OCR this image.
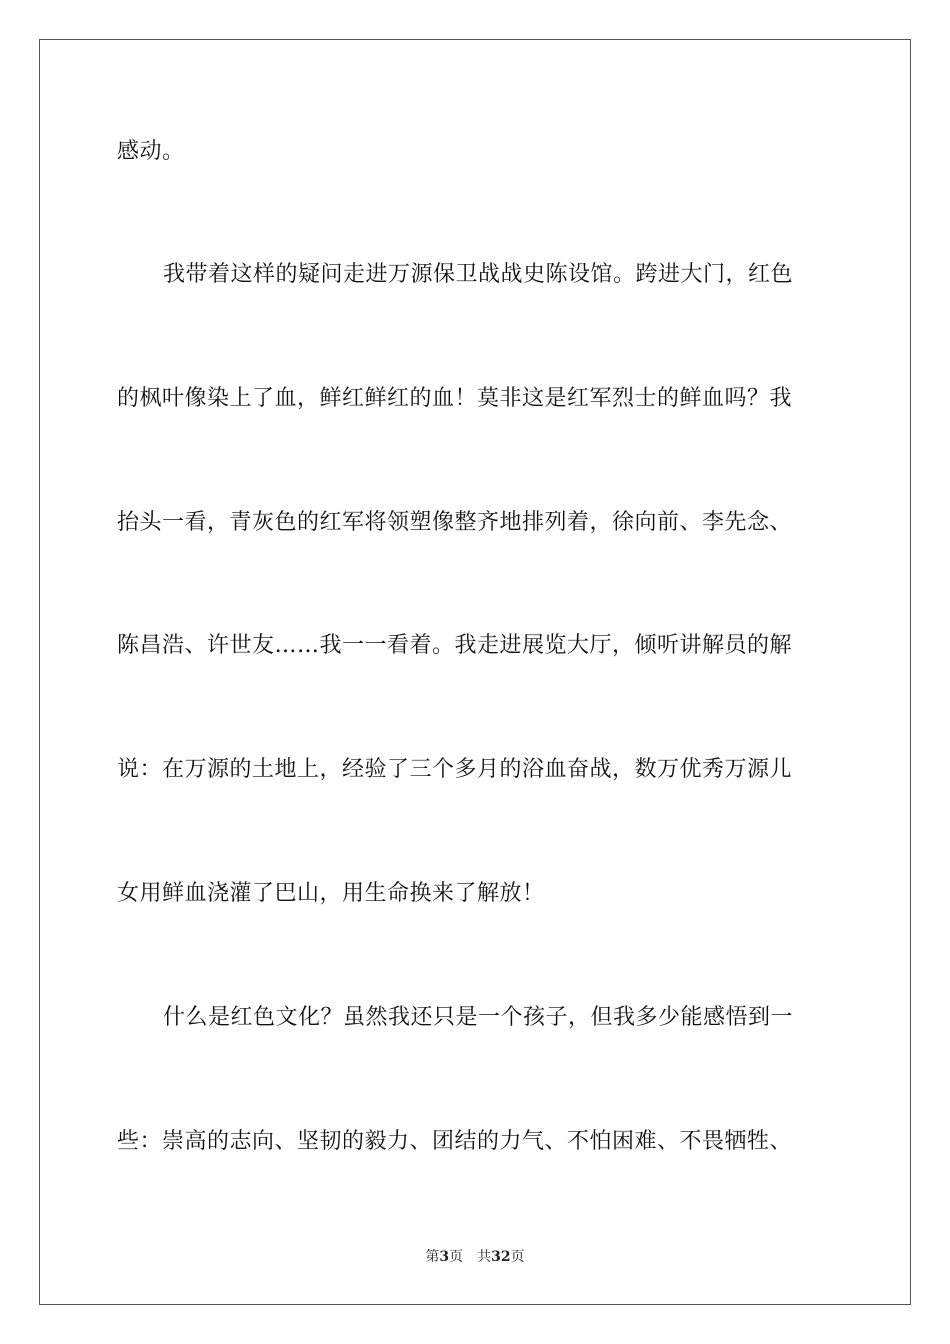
感动。
我带着这样的疑问走进万源保卫战战史陈设馆。跨进大门，红色
的枫叶像染上了血，鲜红鲜红的血！莫非这是红军烈士的鲜血吗？我
抬头一看，青灰色的红军将领塑像整齐地排列着，徐向前、李先念、
陈昌浩、许世友……我一一看着。我走进展览大厅，倾听讲解员的解
说：在万源的土地上，经验了三个多月的浴血奋战，数万优秀万源儿
女用鲜血浇灌了巴山，用生命换来了解放！
什么是红色文化？虽然我还只是一个孩子，但我多少能感悟到一
些：崇高的志向、坚韧的毅力、团结的力气、不怕困难、不畏牺牲、
第3页 共32页
